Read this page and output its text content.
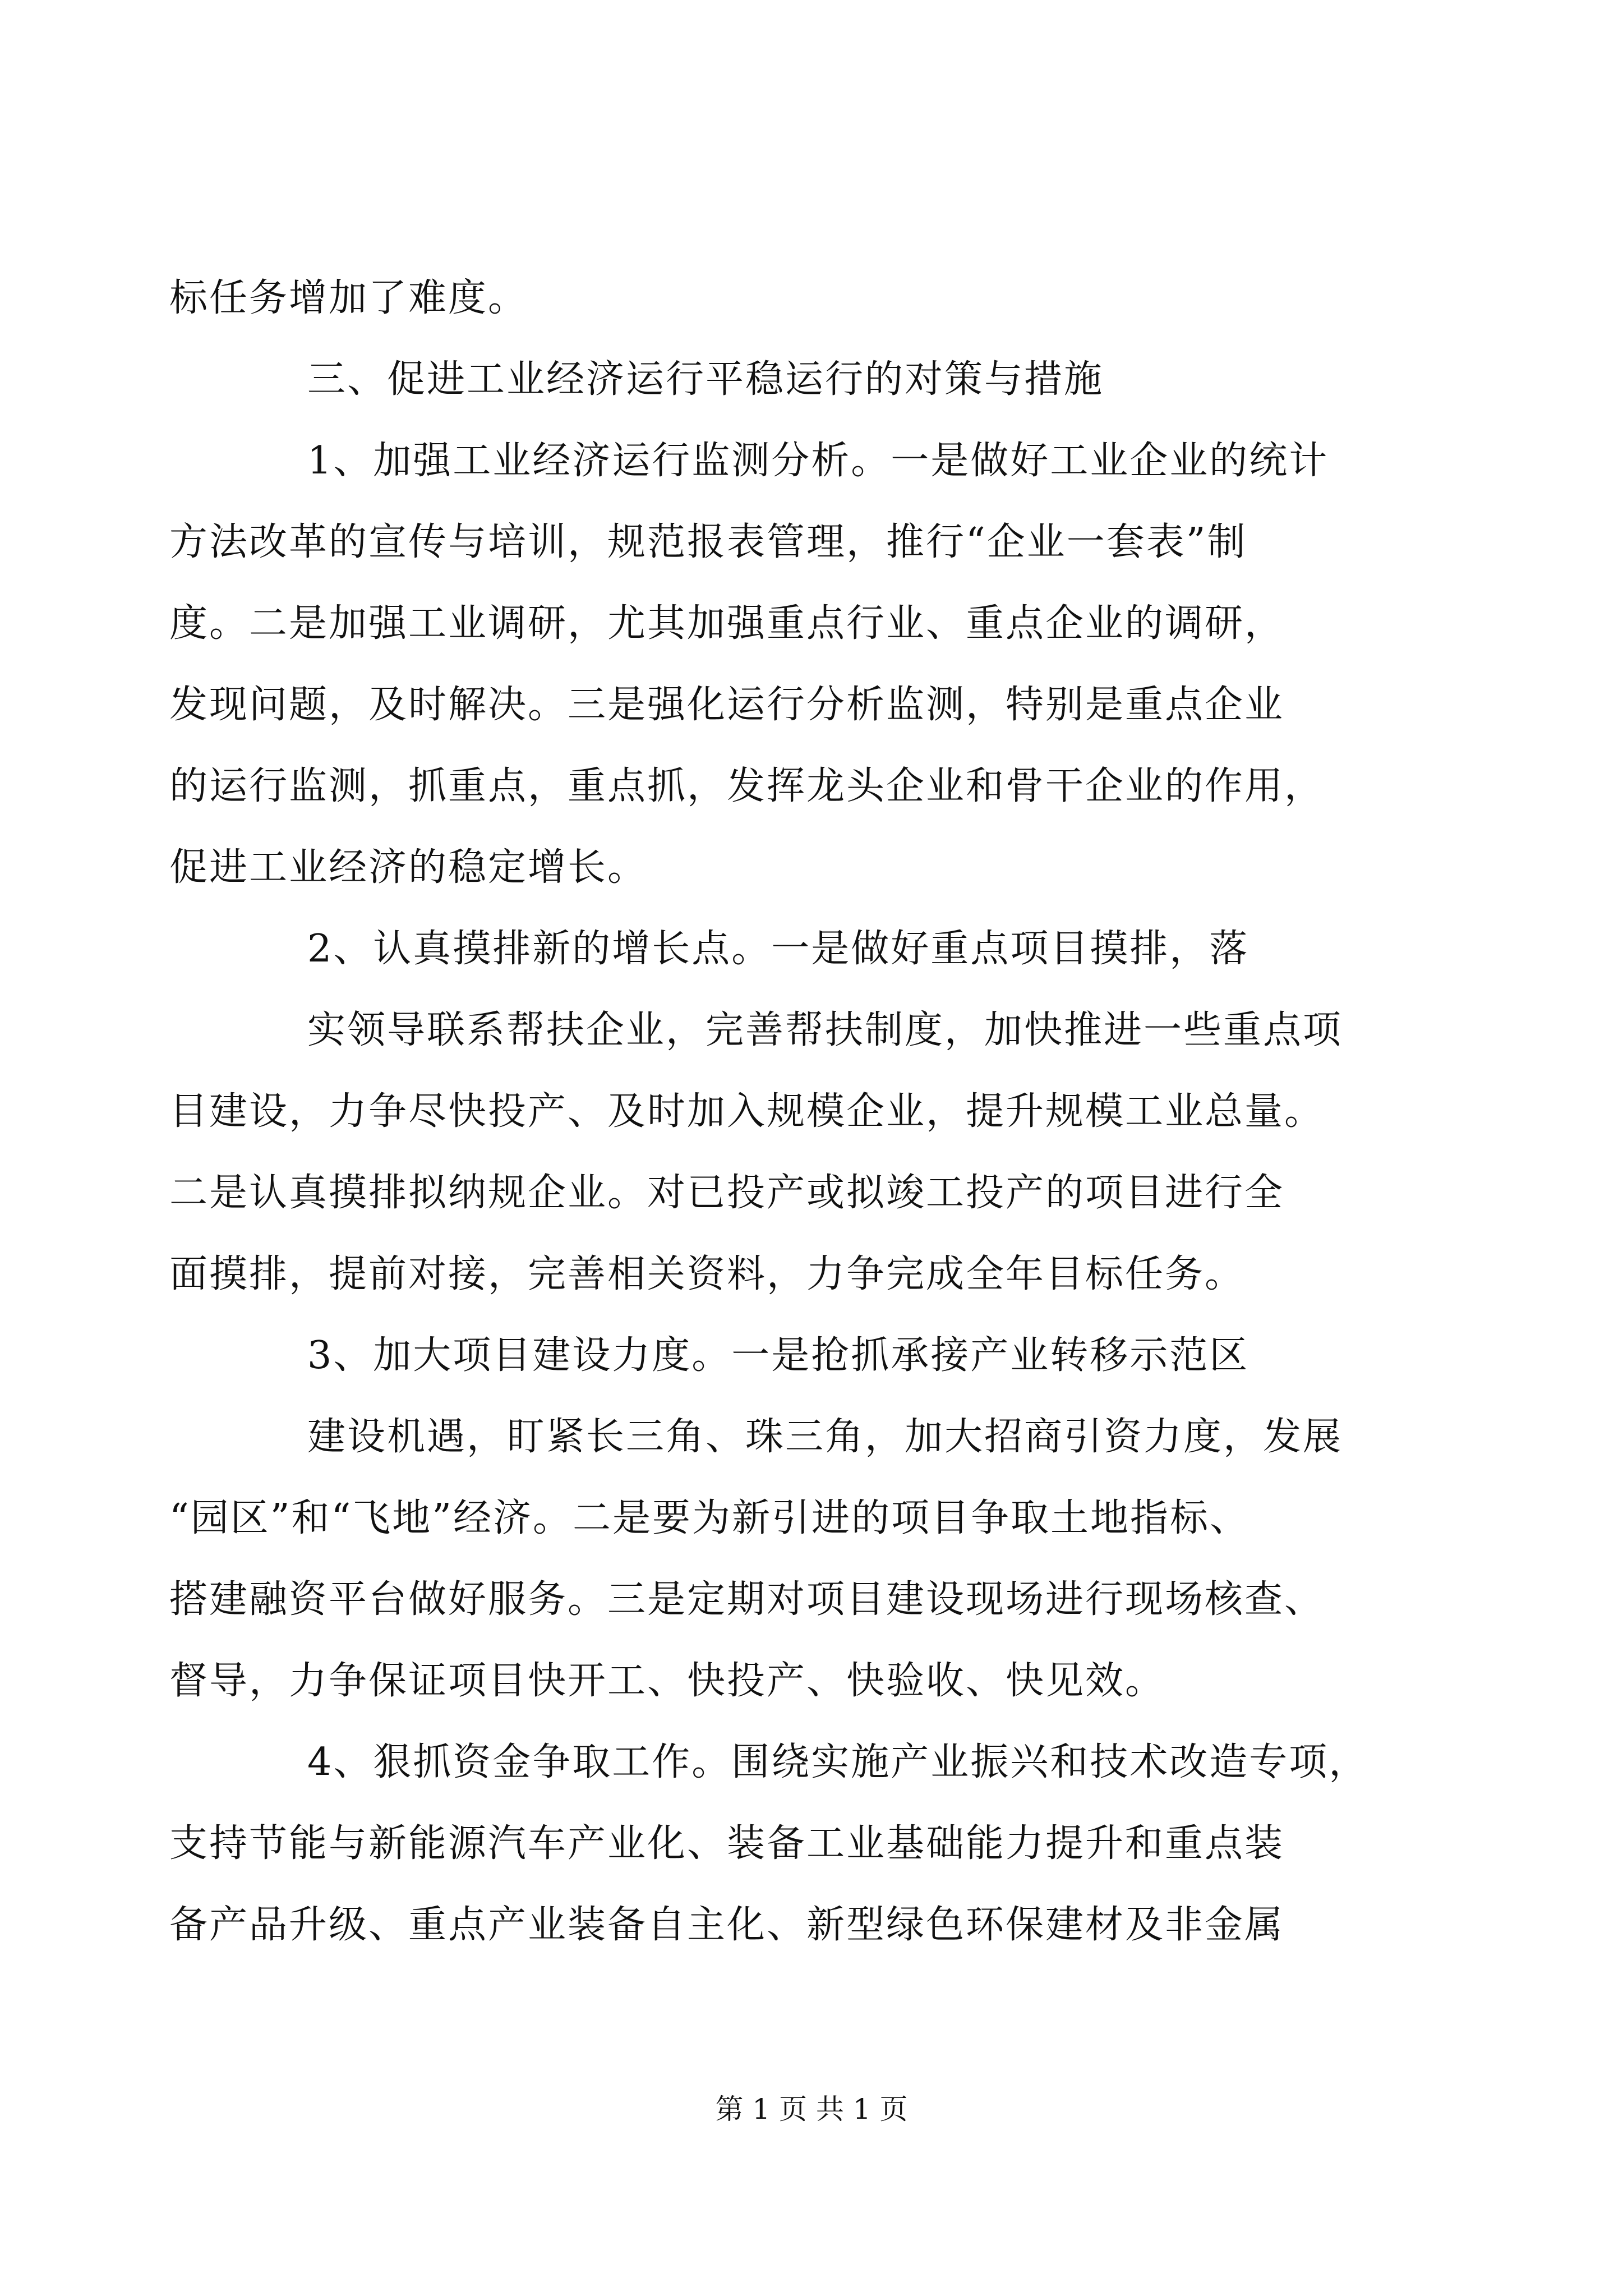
标任务增加了难度。
三、促进工业经济运行平稳运行的对策与措施
1、加强工业经济运行监测分析。一是做好工业企业的统计
方法改革的宣传与培训，规范报表管理，推行“企业一套表”制
度。二是加强工业调研，尤其加强重点行业、重点企业的调研，
发现问题，及时解决。三是强化运行分析监测，特别是重点企业
的运行监测，抓重点，重点抓，发挥龙头企业和骨干企业的作用，
促进工业经济的稳定增长。
2、认真摸排新的增长点。一是做好重点项目摸排，落
实领导联系帮扶企业，完善帮扶制度，加快推进一些重点项
目建设，力争尽快投产、及时加入规模企业，提升规模工业总量。
二是认真摸排拟纳规企业。对已投产或拟竣工投产的项目进行全
面摸排，提前对接，完善相关资料，力争完成全年目标任务。
3、加大项目建设力度。一是抢抓承接产业转移示范区
建设机遇，盯紧长三角、珠三角，加大招商引资力度，发展
“园区”和“飞地”经济。二是要为新引进的项目争取土地指标、
搭建融资平台做好服务。三是定期对项目建设现场进行现场核查、
督导，力争保证项目快开工、快投产、快验收、快见效。
4、狠抓资金争取工作。围绕实施产业振兴和技术改造专项，
支持节能与新能源汽车产业化、装备工业基础能力提升和重点装
备产品升级、重点产业装备自主化、新型绿色环保建材及非金属
第 1 页 共 1 页
